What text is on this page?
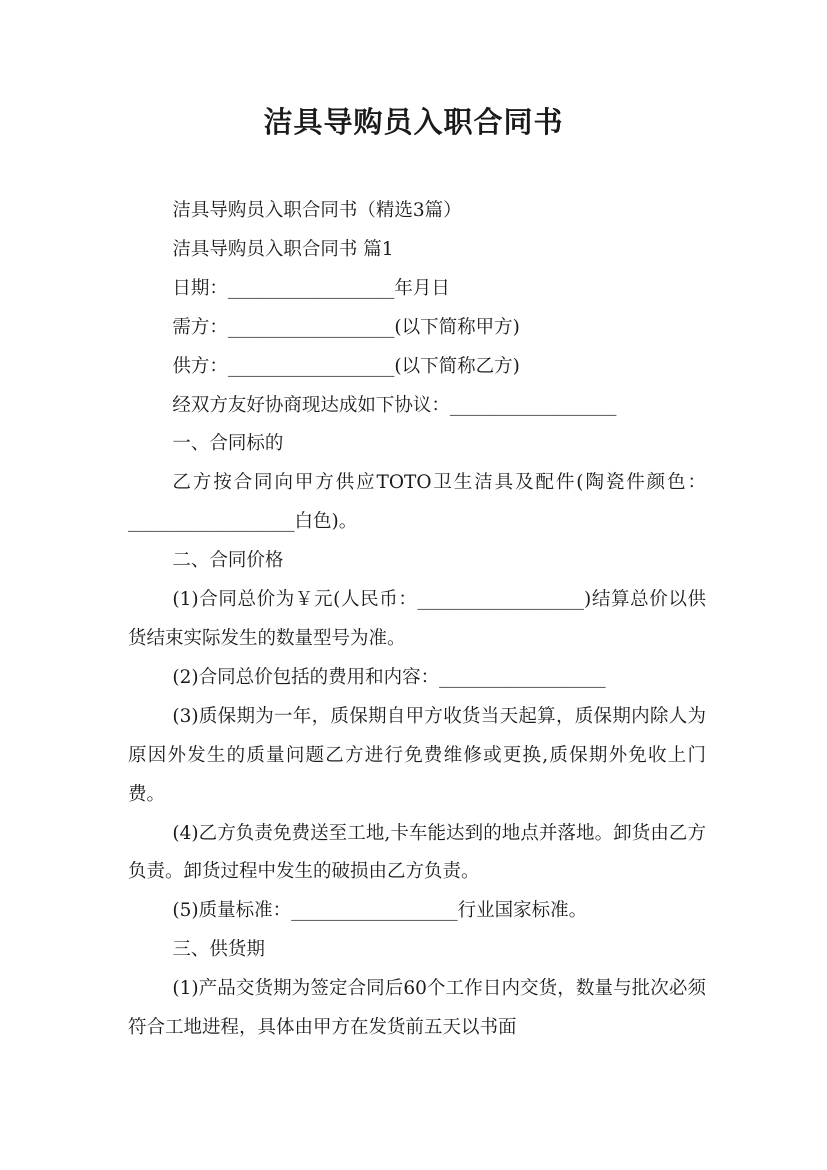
洁具导购员入职合同书

洁具导购员入职合同书（精选3篇）

洁具导购员入职合同书 篇1

日期：__________________年月日

需方：__________________(以下简称甲方)

供方：__________________(以下简称乙方)

经双方友好协商现达成如下协议：__________________

一、合同标的

乙方按合同向甲方供应TOTO卫生洁具及配件(陶瓷件颜色：__________________白色)。

二、合同价格

(1)合同总价为￥元(人民币：__________________)结算总价以供货结束实际发生的数量型号为准。

(2)合同总价包括的费用和内容：__________________

(3)质保期为一年，质保期自甲方收货当天起算，质保期内除人为原因外发生的质量问题乙方进行免费维修或更换,质保期外免收上门费。

(4)乙方负责免费送至工地,卡车能达到的地点并落地。卸货由乙方负责。卸货过程中发生的破损由乙方负责。

(5)质量标准：__________________行业国家标准。

三、供货期

(1)产品交货期为签定合同后60个工作日内交货，数量与批次必须符合工地进程，具体由甲方在发货前五天以书面
